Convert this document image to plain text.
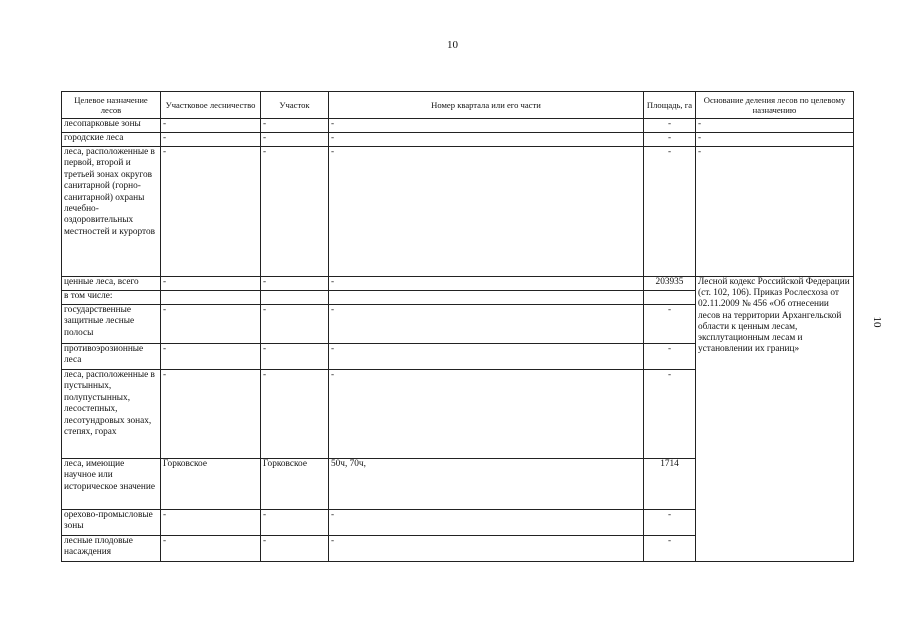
10
10
Целевое назначение лесов	Участковое лесничество	Участок	Номер квартала или его части	Площадь, га	Основание деления лесов по целевому назначению
лесопарковые зоны	-	-	-	-	-
городские леса	-	-	-	-	-
леса, расположенные в первой, второй и третьей зонах округов санитарной (горно-санитарной) охраны лечебно-оздоровительных местностей и курортов	-	-	-	-	-
ценные леса, всего	-	-	-	203935	Лесной кодекс Российской Федерации (ст. 102, 106). Приказ Рослесхоза от 02.11.2009 № 456 «Об отнесении лесов на территории Архангельской области к ценным лесам, эксплутационным лесам и установлении их границ»
в том числе:					
государственные защитные лесные полосы	-	-	-	-	
противоэрозионные леса	-	-	-	-	
леса, расположенные в пустынных, полупустынных, лесостепных, лесотундровых зонах, степях, горах	-	-	-	-	
леса, имеющие научное или историческое значение	Горковское	Горковское	50ч, 70ч,	1714	
орехово-промысловые зоны	-	-	-	-	
лесные плодовые насаждения	-	-	-	-	
